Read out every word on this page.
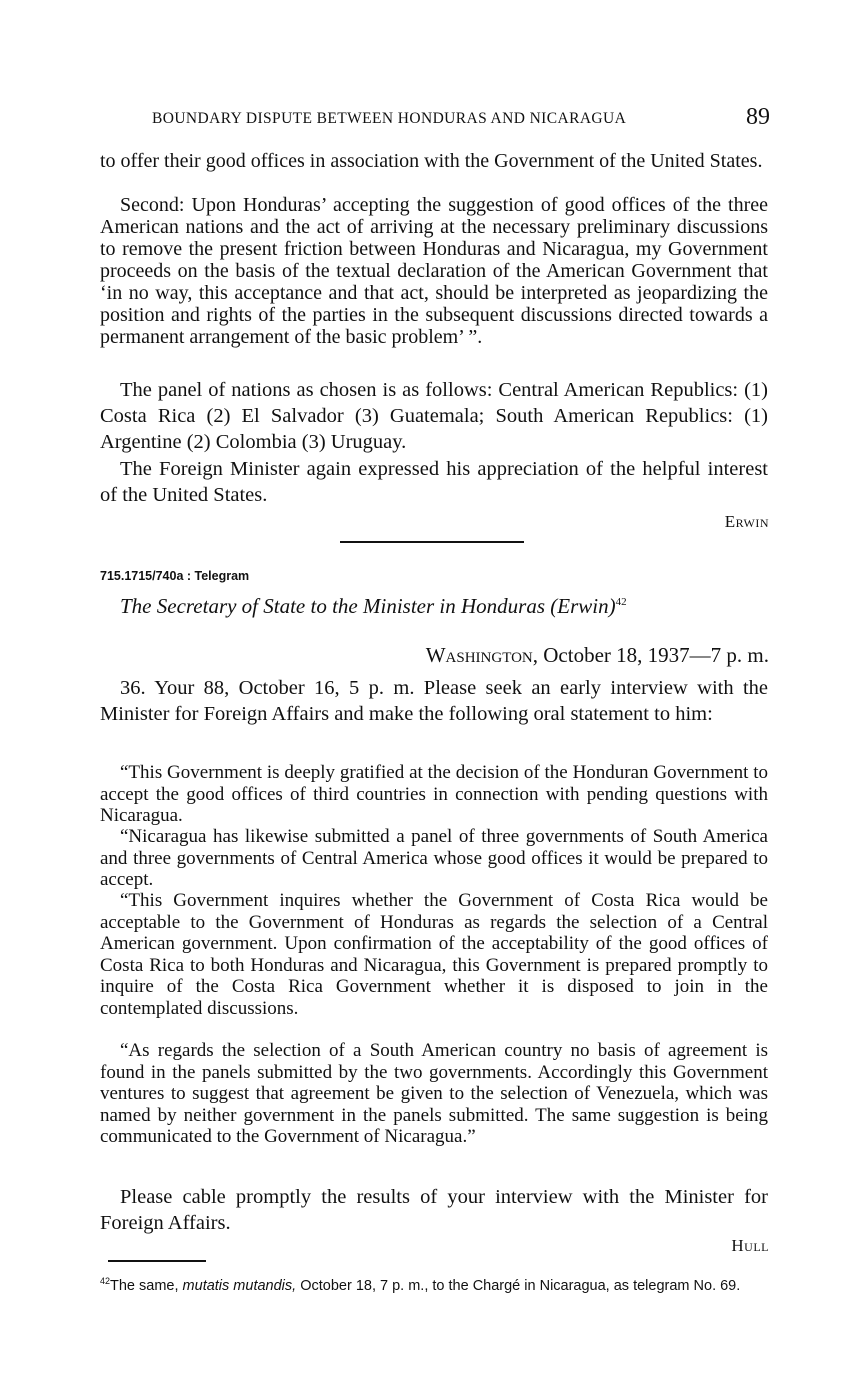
BOUNDARY DISPUTE BETWEEN HONDURAS AND NICARAGUA	89

to offer their good offices in association with the Government of the United States.

Second: Upon Honduras’ accepting the suggestion of good offices of the three American nations and the act of arriving at the necessary preliminary discussions to remove the present friction between Honduras and Nicaragua, my Government proceeds on the basis of the textual declaration of the American Government that ‘in no way, this acceptance and that act, should be interpreted as jeopardizing the position and rights of the parties in the subsequent discussions directed towards a permanent arrangement of the basic problem’ ”.

The panel of nations as chosen is as follows: Central American Republics: (1) Costa Rica (2) El Salvador (3) Guatemala; South American Republics: (1) Argentine (2) Colombia (3) Uruguay.

The Foreign Minister again expressed his appreciation of the helpful interest of the United States.

Erwin
715.1715/740a : Telegram
The Secretary of State to the Minister in Honduras (Erwin)$^{42}$
Washington, October 18, 1937—7 p. m.

36. Your 88, October 16, 5 p. m. Please seek an early interview with the Minister for Foreign Affairs and make the following oral statement to him:

“This Government is deeply gratified at the decision of the Honduran Government to accept the good offices of third countries in connection with pending questions with Nicaragua.

“Nicaragua has likewise submitted a panel of three governments of South America and three governments of Central America whose good offices it would be prepared to accept.

“This Government inquires whether the Government of Costa Rica would be acceptable to the Government of Honduras as regards the selection of a Central American government. Upon confirmation of the acceptability of the good offices of Costa Rica to both Honduras and Nicaragua, this Government is prepared promptly to inquire of the Costa Rica Government whether it is disposed to join in the contemplated discussions.

“As regards the selection of a South American country no basis of agreement is found in the panels submitted by the two governments. Accordingly this Government ventures to suggest that agreement be given to the selection of Venezuela, which was named by neither government in the panels submitted. The same suggestion is being communicated to the Government of Nicaragua.”

Please cable promptly the results of your interview with the Minister for Foreign Affairs.

Hull
$^{42}$The same, mutatis mutandis, October 18, 7 p. m., to the Chargé in Nicaragua, as telegram No. 69.
